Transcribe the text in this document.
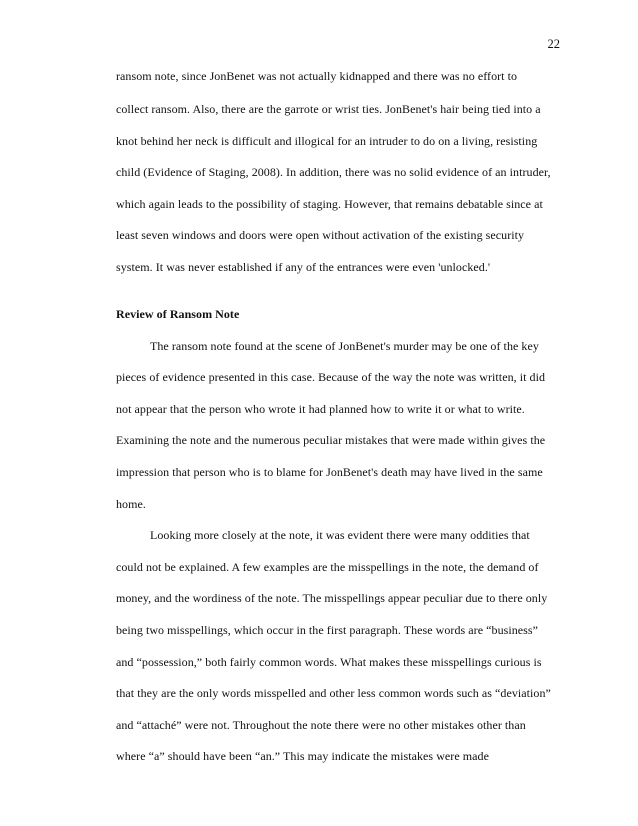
22
ransom note, since JonBenet was not actually kidnapped and there was no effort to
collect ransom. Also, there are the garrote or wrist ties. JonBenet's hair being tied into a
knot behind her neck is difficult and illogical for an intruder to do on a living, resisting
child (Evidence of Staging, 2008). In addition, there was no solid evidence of an intruder,
which again leads to the possibility of staging. However, that remains debatable since at
least seven windows and doors were open without activation of the existing security
system. It was never established if any of the entrances were even 'unlocked.'
Review of Ransom Note
The ransom note found at the scene of JonBenet's murder may be one of the key
pieces of evidence presented in this case. Because of the way the note was written, it did
not appear that the person who wrote it had planned how to write it or what to write.
Examining the note and the numerous peculiar mistakes that were made within gives the
impression that person who is to blame for JonBenet's death may have lived in the same
home.
Looking more closely at the note, it was evident there were many oddities that
could not be explained. A few examples are the misspellings in the note, the demand of
money, and the wordiness of the note. The misspellings appear peculiar due to there only
being two misspellings, which occur in the first paragraph. These words are “business”
and “possession,” both fairly common words. What makes these misspellings curious is
that they are the only words misspelled and other less common words such as “deviation”
and “attaché” were not. Throughout the note there were no other mistakes other than
where “a” should have been “an.” This may indicate the mistakes were made
